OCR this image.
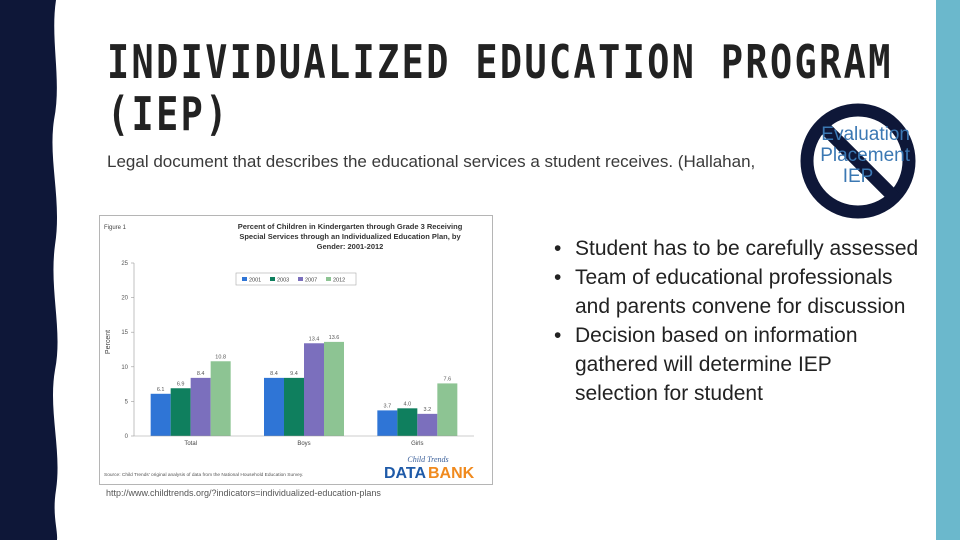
INDIVIDUALIZED EDUCATION PROGRAM
(IEP)
Legal document that describes the educational services a student receives. (Hallahan,
Evaluation
Placement
IEP
Figure 1	Percent of Children in Kindergarten through Grade 3 Receiving
Special Services through an Individualized Education Plan, by
Gender: 2001-2012
Percent
2001	2003	2007	2012
0
5
10
15
20
25
6.1
6.9
8.4
10.8
8.4 9.4
13.4 13.6
3.7 4.0
3.2
7.6
Total	Boys	Girls
Source: Child Trends' original analysis of data from the National Household Education Survey.
Child Trends
DATA BANK
http://www.childtrends.org/?indicators=individualized-education-plans
• Student has to be carefully assessed
• Team of educational professionals and parents convene for discussion
• Decision based on information gathered will determine IEP selection for student
